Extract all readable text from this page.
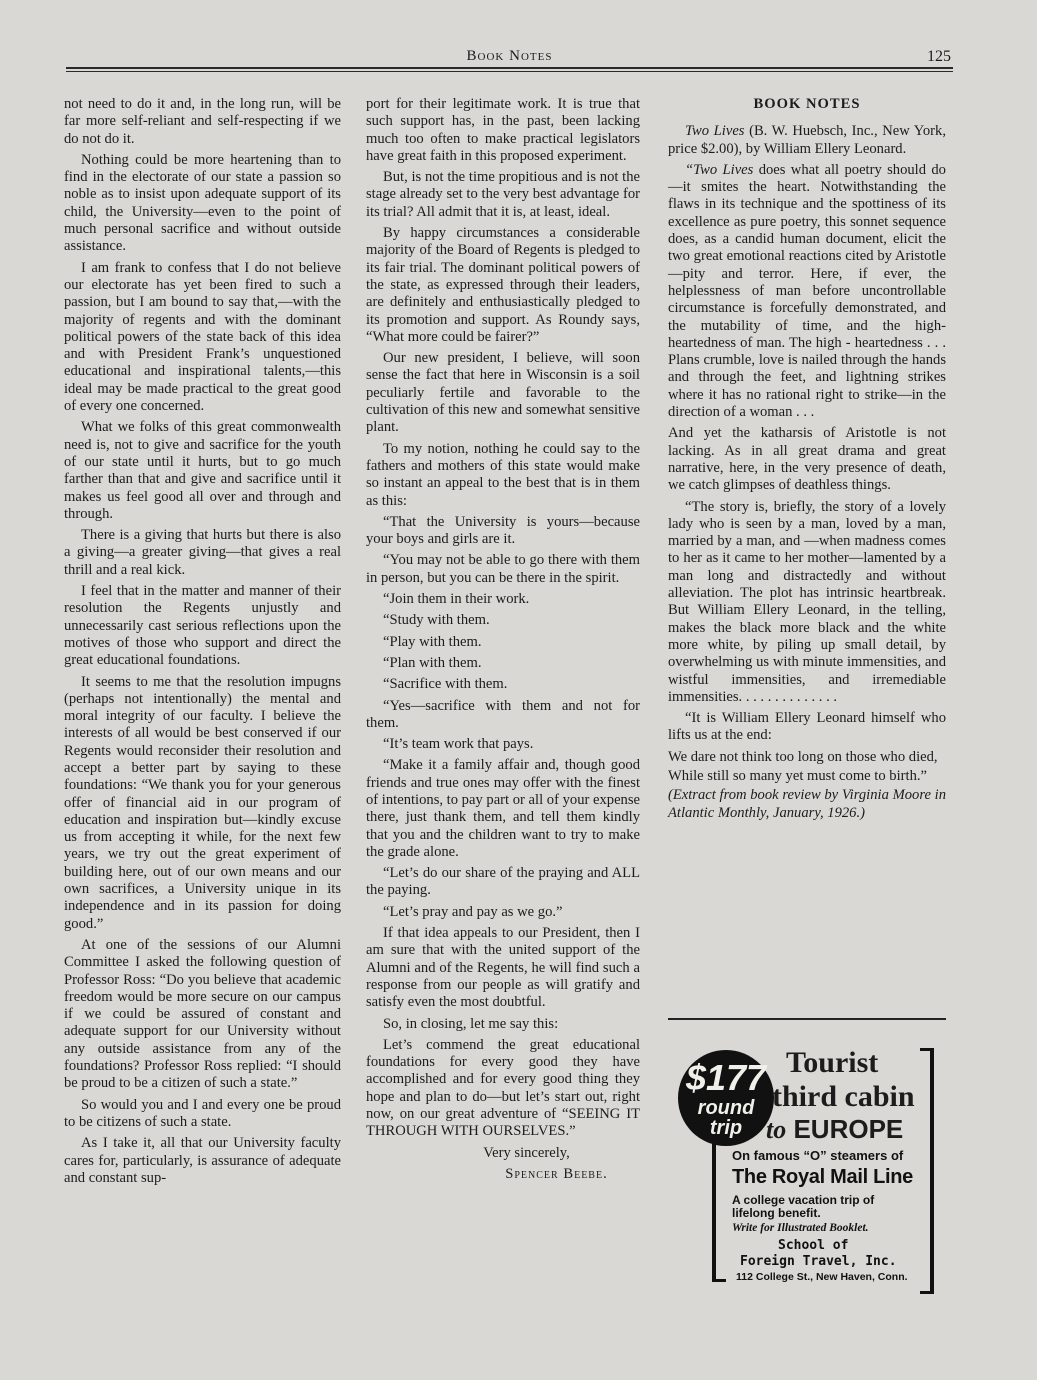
Book Notes	125

not need to do it and, in the long run, will be far more self-reliant and self-respecting if we do not do it.

Nothing could be more heartening than to find in the electorate of our state a passion so noble as to insist upon adequate support of its child, the University—even to the point of much personal sacrifice and without outside assistance.

I am frank to confess that I do not believe our electorate has yet been fired to such a passion, but I am bound to say that,—with the majority of regents and with the dominant political powers of the state back of this idea and with President Frank’s unquestioned educational and inspirational talents,—this ideal may be made practical to the great good of every one concerned.

What we folks of this great commonwealth need is, not to give and sacrifice for the youth of our state until it hurts, but to go much farther than that and give and sacrifice until it makes us feel good all over and through and through.

There is a giving that hurts but there is also a giving—a greater giving—that gives a real thrill and a real kick.

I feel that in the matter and manner of their resolution the Regents unjustly and unnecessarily cast serious reflections upon the motives of those who support and direct the great educational foundations.

It seems to me that the resolution impugns (perhaps not intentionally) the mental and moral integrity of our faculty. I believe the interests of all would be best conserved if our Regents would reconsider their resolution and accept a better part by saying to these foundations: “We thank you for your generous offer of financial aid in our program of education and inspiration but—kindly excuse us from accepting it while, for the next few years, we try out the great experiment of building here, out of our own means and our own sacrifices, a University unique in its independence and in its passion for doing good.”

At one of the sessions of our Alumni Committee I asked the following question of Professor Ross: “Do you believe that academic freedom would be more secure on our campus if we could be assured of constant and adequate support for our University without any outside assistance from any of the foundations? Professor Ross replied: “I should be proud to be a citizen of such a state.”

So would you and I and every one be proud to be citizens of such a state.

As I take it, all that our University faculty cares for, particularly, is assurance of adequate and constant sup-

port for their legitimate work. It is true that such support has, in the past, been lacking much too often to make practical legislators have great faith in this proposed experiment.

But, is not the time propitious and is not the stage already set to the very best advantage for its trial? All admit that it is, at least, ideal.

By happy circumstances a considerable majority of the Board of Regents is pledged to its fair trial. The dominant political powers of the state, as expressed through their leaders, are definitely and enthusiastically pledged to its promotion and support. As Roundy says, “What more could be fairer?”

Our new president, I believe, will soon sense the fact that here in Wisconsin is a soil peculiarly fertile and favorable to the cultivation of this new and somewhat sensitive plant.

To my notion, nothing he could say to the fathers and mothers of this state would make so instant an appeal to the best that is in them as this:

“That the University is yours—because your boys and girls are it.

“You may not be able to go there with them in person, but you can be there in the spirit.

“Join them in their work.

“Study with them.

“Play with them.

“Plan with them.

“Sacrifice with them.

“Yes—sacrifice with them and not for them.

“It’s team work that pays.

“Make it a family affair and, though good friends and true ones may offer with the finest of intentions, to pay part or all of your expense there, just thank them, and tell them kindly that you and the children want to try to make the grade alone.

“Let’s do our share of the praying and ALL the paying.

“Let’s pray and pay as we go.”

If that idea appeals to our President, then I am sure that with the united support of the Alumni and of the Regents, he will find such a response from our people as will gratify and satisfy even the most doubtful.

So, in closing, let me say this:

Let’s commend the great educational foundations for every good they have accomplished and for every good thing they hope and plan to do—but let’s start out, right now, on our great adventure of “SEEING IT THROUGH WITH OURSELVES.”

Very sincerely,

Spencer Beebe.

BOOK NOTES

Two Lives (B. W. Huebsch, Inc., New York, price $2.00), by William Ellery Leonard.

“Two Lives does what all poetry should do—it smites the heart. Notwithstanding the flaws in its technique and the spottiness of its excellence as pure poetry, this sonnet sequence does, as a candid human document, elicit the two great emotional reactions cited by Aristotle—pity and terror. Here, if ever, the helplessness of man before uncontrollable circumstance is forcefully demonstrated, and the mutability of time, and the high-heartedness of man. The high - heartedness . . . Plans crumble, love is nailed through the hands and through the feet, and lightning strikes where it has no rational right to strike—in the direction of a woman . . .

And yet the katharsis of Aristotle is not lacking. As in all great drama and great narrative, here, in the very presence of death, we catch glimpses of deathless things.

“The story is, briefly, the story of a lovely lady who is seen by a man, loved by a man, married by a man, and —when madness comes to her as it came to her mother—lamented by a man long and distractedly and without alleviation. The plot has intrinsic heartbreak. But William Ellery Leonard, in the telling, makes the black more black and the white more white, by piling up small detail, by overwhelming us with minute immensities, and wistful immensities, and irremediable immensities. . . . . . . . . . . . . .

“It is William Ellery Leonard himself who lifts us at the end:

We dare not think too long on those who died,

While still so many yet must come to birth.”

(Extract from book review by Virginia Moore in Atlantic Monthly, January, 1926.)

$177
round
trip
Tourist
third cabin
to EUROPE
On famous “O” steamers of
The Royal Mail Line
A college vacation trip of lifelong benefit.
Write for Illustrated Booklet.
School of
Foreign Travel, Inc.
112 College St., New Haven, Conn.
